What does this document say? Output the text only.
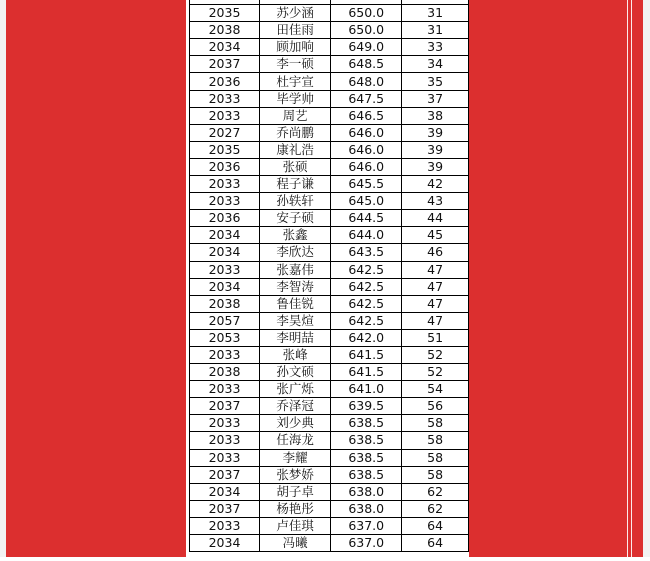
2035	苏少涵	650.0	31
2038	田佳雨	650.0	31
2034	顾加响	649.0	33
2037	李一硕	648.5	34
2036	杜宇宣	648.0	35
2033	毕学帅	647.5	37
2033	周艺	646.5	38
2027	乔尚鹏	646.0	39
2035	康礼浩	646.0	39
2036	张硕	646.0	39
2033	程子谦	645.5	42
2033	孙轶轩	645.0	43
2036	安子硕	644.5	44
2034	张鑫	644.0	45
2034	李欣达	643.5	46
2033	张嘉伟	642.5	47
2034	李智涛	642.5	47
2038	鲁佳锐	642.5	47
2057	李昊煊	642.5	47
2053	李明喆	642.0	51
2033	张峰	641.5	52
2038	孙文硕	641.5	52
2033	张广烁	641.0	54
2037	乔泽冠	639.5	56
2033	刘少典	638.5	58
2033	任海龙	638.5	58
2033	李耀	638.5	58
2037	张梦娇	638.5	58
2034	胡子卓	638.0	62
2037	杨艳彤	638.0	62
2033	卢佳琪	637.0	64
2034	冯曦	637.0	64
